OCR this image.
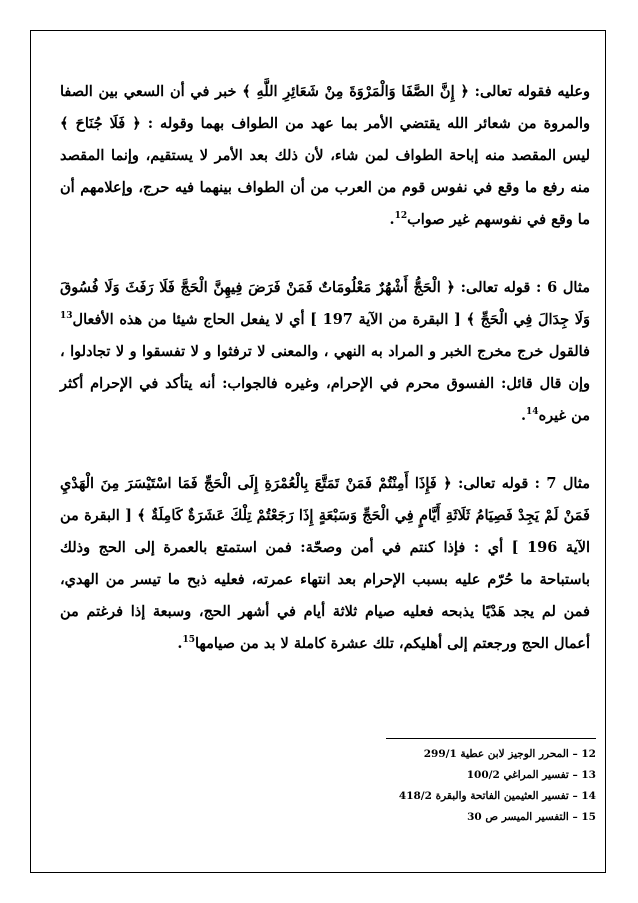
وعليه فقوله تعالى: ﴿ إِنَّ الصَّفَا وَالْمَرْوَةَ مِنْ شَعَائِرِ اللَّهِ ﴾ خبر في أن السعي بين الصفا والمروة من شعائر الله يقتضي الأمر بما عهد من الطواف بهما وقوله : ﴿ فَلَا جُنَاحَ ﴾ ليس المقصد منه إباحة الطواف لمن شاء، لأن ذلك بعد الأمر لا يستقيم، وإنما المقصد منه رفع ما وقع في نفوس قوم من العرب من أن الطواف بينهما فيه حرج، وإعلامهم أن ما وقع في نفوسهم غير صواب$^{12}$.

مثال 6 : قوله تعالى: ﴿ الْحَجُّ أَشْهُرٌ مَعْلُومَاتٌ فَمَنْ فَرَضَ فِيهِنَّ الْحَجَّ فَلَا رَفَثَ وَلَا فُسُوقَ وَلَا جِدَالَ فِي الْحَجِّ ﴾ [ البقرة من الآية 197 ] أي لا يفعل الحاج شيئا من هذه الأفعال$^{13}$ فالقول خرج مخرج الخبر و المراد به النهي ، والمعنى لا ترفثوا و لا تفسقوا و لا تجادلوا ، وإن قال قائل: الفسوق محرم في الإحرام، وغيره فالجواب: أنه يتأكد في الإحرام أكثر من غيره$^{14}$.

مثال 7 : قوله تعالى: ﴿ فَإِذَا أَمِنْتُمْ فَمَنْ تَمَتَّعَ بِالْعُمْرَةِ إِلَى الْحَجِّ فَمَا اسْتَيْسَرَ مِنَ الْهَدْيِ فَمَنْ لَمْ يَجِدْ فَصِيَامُ ثَلَاثَةِ أَيَّامٍ فِي الْحَجِّ وَسَبْعَةٍ إِذَا رَجَعْتُمْ تِلْكَ عَشَرَةٌ كَامِلَةٌ ﴾ [ البقرة من الآية 196 ] أي : فإذا كنتم في أمن وصحّة: فمن استمتع بالعمرة إلى الحج وذلك باستباحة ما حُرّم عليه بسبب الإحرام بعد انتهاء عمرته، فعليه ذبح ما تيسر من الهدي، فمن لم يجد هَدْيًا يذبحه فعليه صيام ثلاثة أيام في أشهر الحج، وسبعة إذا فرغتم من أعمال الحج ورجعتم إلى أهليكم، تلك عشرة كاملة لا بد من صيامها$^{15}$.

12 – المحرر الوجيز لابن عطية 299/1

13 – تفسير المراغي 100/2

14 – تفسير العثيمين الفاتحة والبقرة 418/2

15 – التفسير الميسر ص 30
